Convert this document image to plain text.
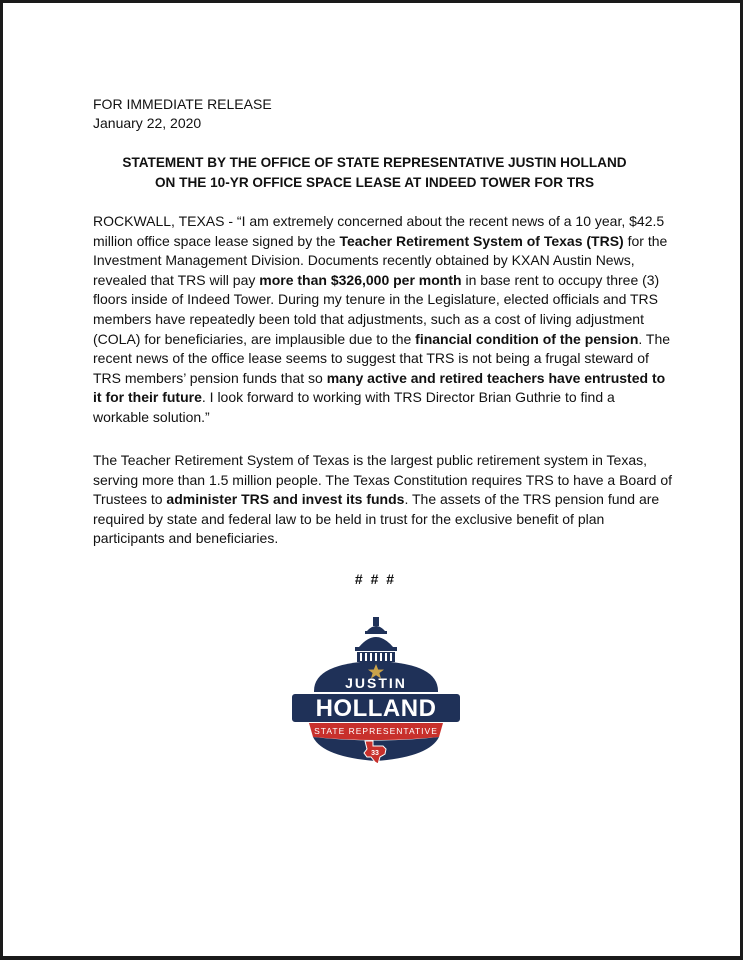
FOR IMMEDIATE RELEASE
January 22, 2020
STATEMENT BY THE OFFICE OF STATE REPRESENTATIVE JUSTIN HOLLAND
ON THE 10-YR OFFICE SPACE LEASE AT INDEED TOWER FOR TRS

ROCKWALL, TEXAS - “I am extremely concerned about the recent news of a 10 year, $42.5 million office space lease signed by the Teacher Retirement System of Texas (TRS) for the Investment Management Division. Documents recently obtained by KXAN Austin News, revealed that TRS will pay more than $326,000 per month in base rent to occupy three (3) floors inside of Indeed Tower. During my tenure in the Legislature, elected officials and TRS members have repeatedly been told that adjustments, such as a cost of living adjustment (COLA) for beneficiaries, are implausible due to the financial condition of the pension. The recent news of the office lease seems to suggest that TRS is not being a frugal steward of TRS members’ pension funds that so many active and retired teachers have entrusted to it for their future. I look forward to working with TRS Director Brian Guthrie to find a workable solution.”

The Teacher Retirement System of Texas is the largest public retirement system in Texas, serving more than 1.5 million people. The Texas Constitution requires TRS to have a Board of Trustees to administer TRS and invest its funds. The assets of the TRS pension fund are required by state and federal law to be held in trust for the exclusive benefit of plan participants and beneficiaries.

# # #
JUSTIN
HOLLAND
STATE REPRESENTATIVE
33
